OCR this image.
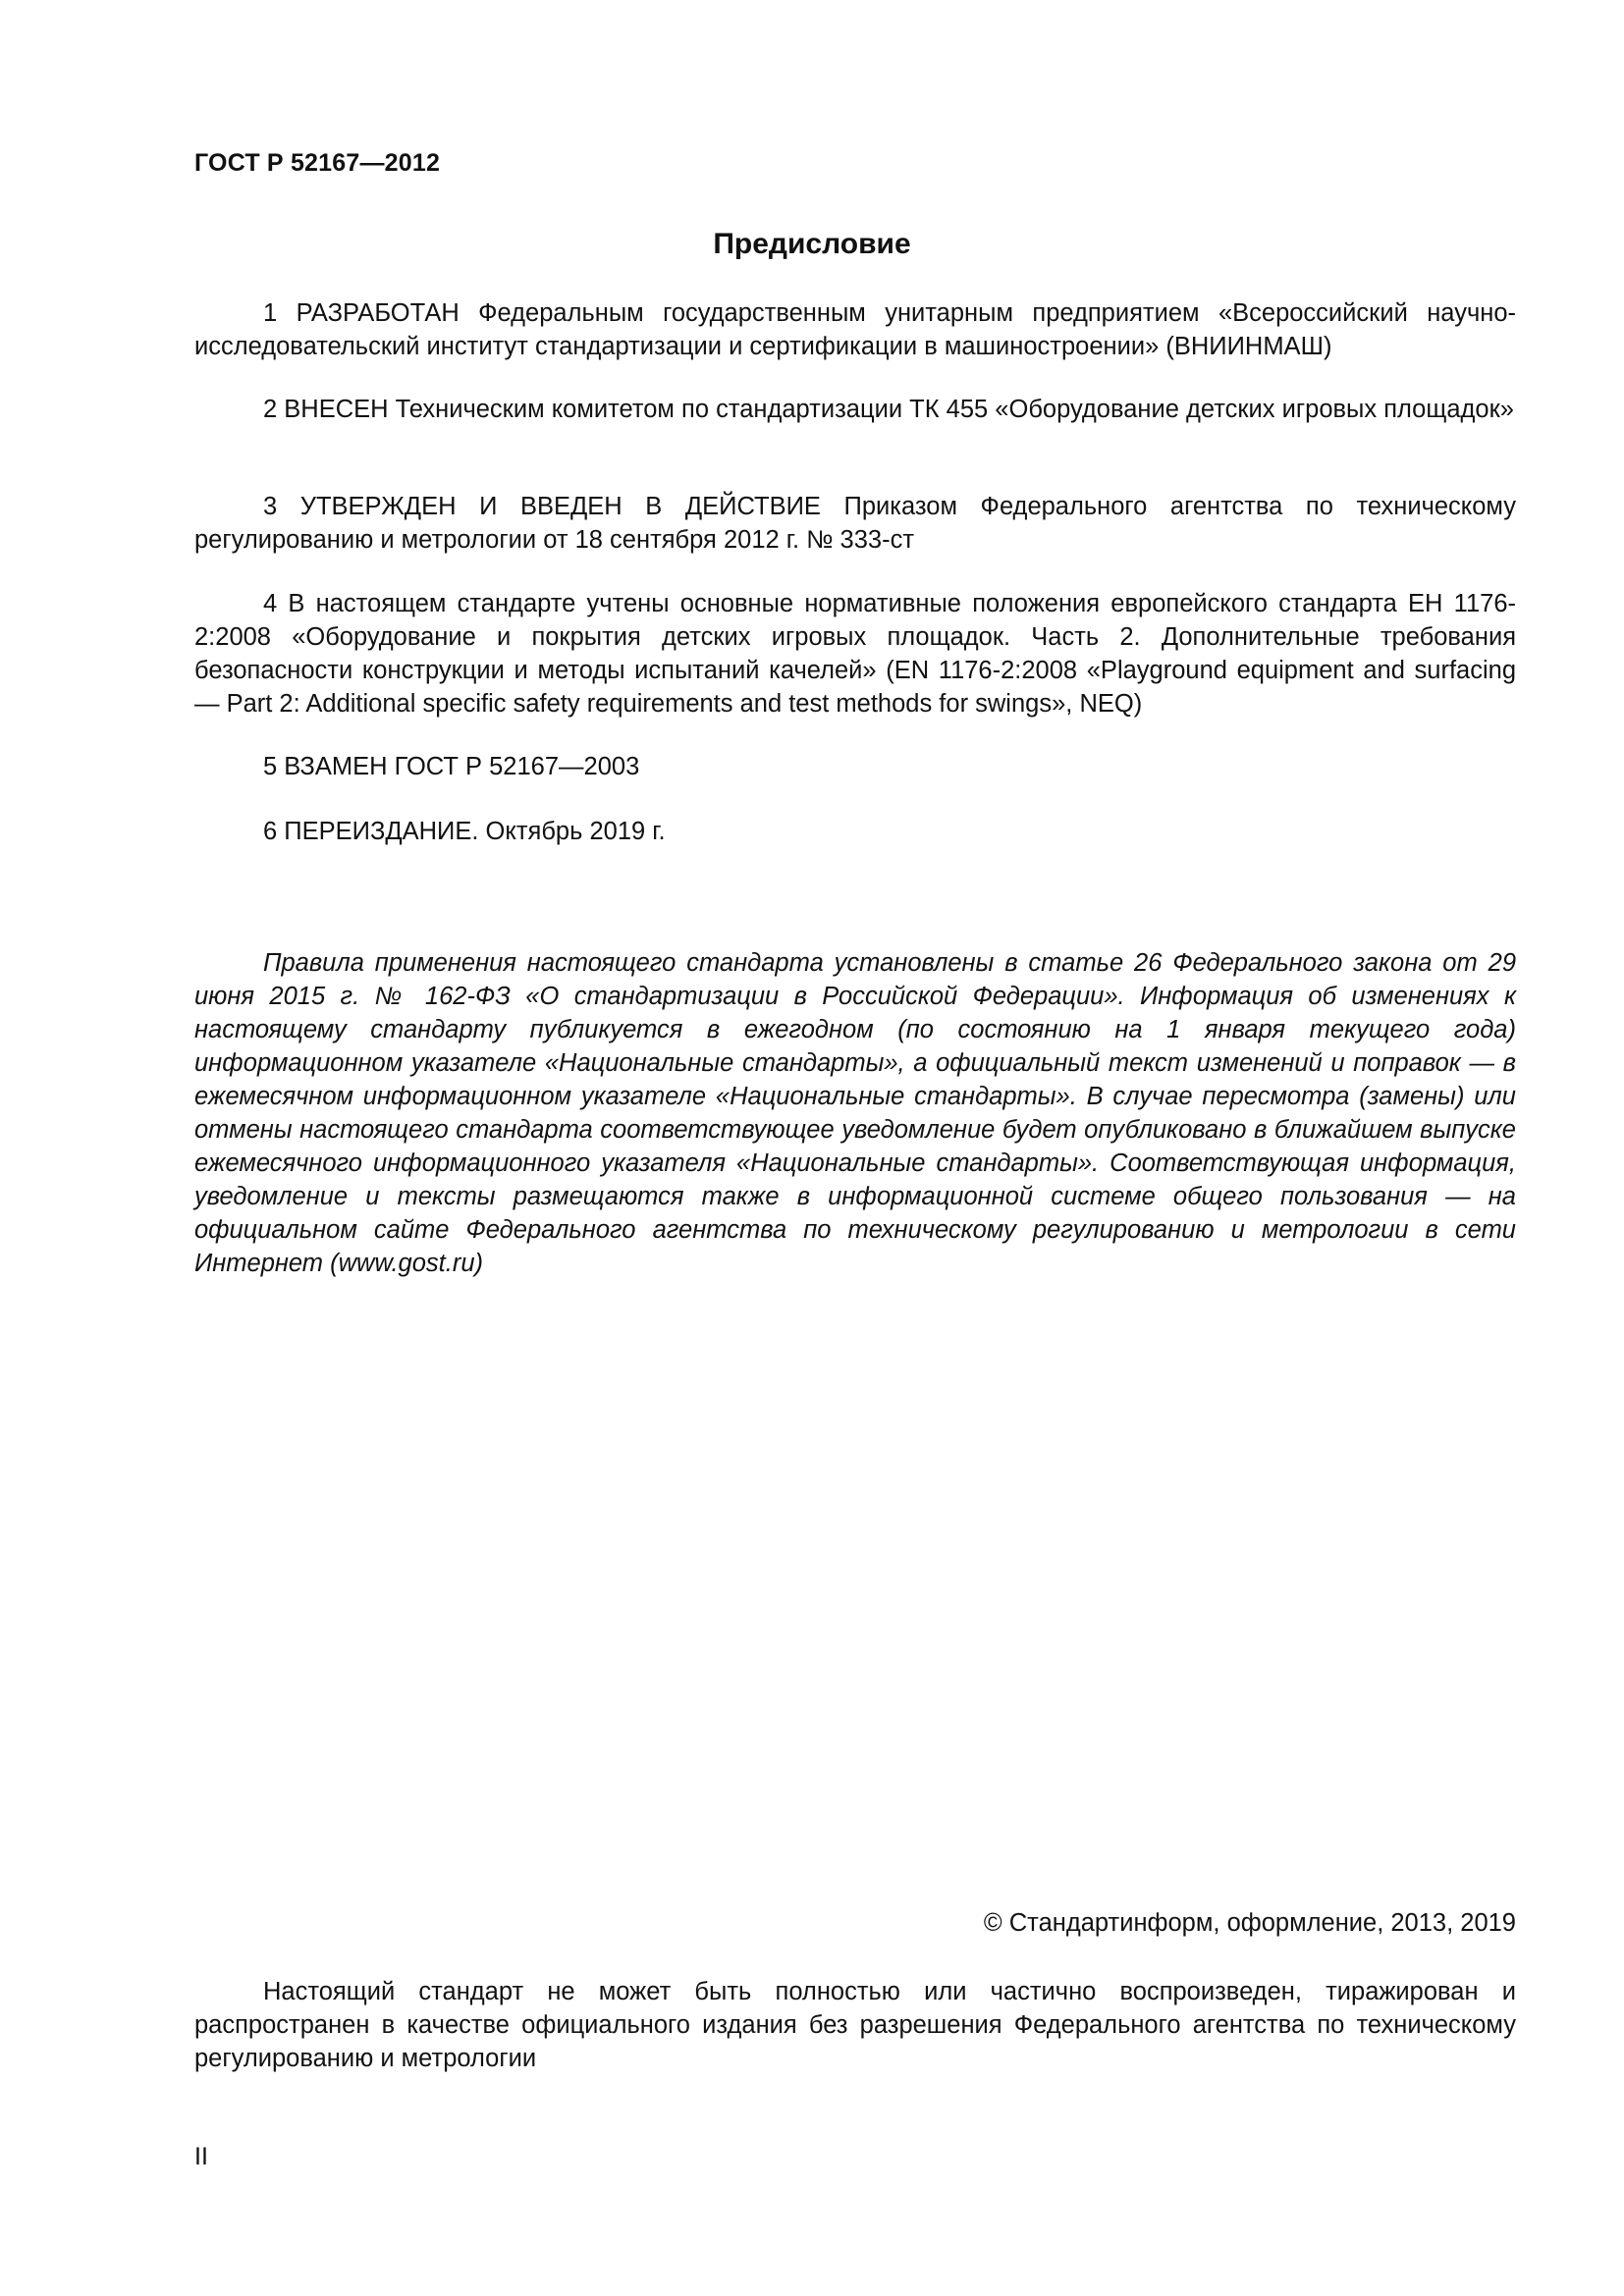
ГОСТ Р 52167—2012
Предисловие

1 РАЗРАБОТАН Федеральным государственным унитарным предприятием «Всероссийский научно-исследовательский институт стандартизации и сертификации в машиностроении» (ВНИИНМАШ)

2 ВНЕСЕН Техническим комитетом по стандартизации ТК 455 «Оборудование детских игровых площадок»

3 УТВЕРЖДЕН И ВВЕДЕН В ДЕЙСТВИЕ Приказом Федерального агентства по техническому регулированию и метрологии от 18 сентября 2012 г. № 333-ст

4 В настоящем стандарте учтены основные нормативные положения европейского стандарта ЕН 1176-2:2008 «Оборудование и покрытия детских игровых площадок. Часть 2. Дополнительные требования безопасности конструкции и методы испытаний качелей» (EN 1176-2:2008 «Playground equipment and surfacing — Part 2: Additional specific safety requirements and test methods for swings», NEQ)

5 ВЗАМЕН ГОСТ Р 52167—2003

6 ПЕРЕИЗДАНИЕ. Октябрь 2019 г.

Правила применения настоящего стандарта установлены в статье 26 Федерального закона от 29 июня 2015 г. № 162-ФЗ «О стандартизации в Российской Федерации». Информация об изменениях к настоящему стандарту публикуется в ежегодном (по состоянию на 1 января текущего года) информационном указателе «Национальные стандарты», а официальный текст изменений и поправок — в ежемесячном информационном указателе «Национальные стандарты». В случае пересмотра (замены) или отмены настоящего стандарта соответствующее уведомление будет опубликовано в ближайшем выпуске ежемесячного информационного указателя «Национальные стандарты». Соответствующая информация, уведомление и тексты размещаются также в информационной системе общего пользования — на официальном сайте Федерального агентства по техническому регулированию и метрологии в сети Интернет (www.gost.ru)

© Стандартинформ, оформление, 2013, 2019

Настоящий стандарт не может быть полностью или частично воспроизведен, тиражирован и распространен в качестве официального издания без разрешения Федерального агентства по техническому регулированию и метрологии

II
